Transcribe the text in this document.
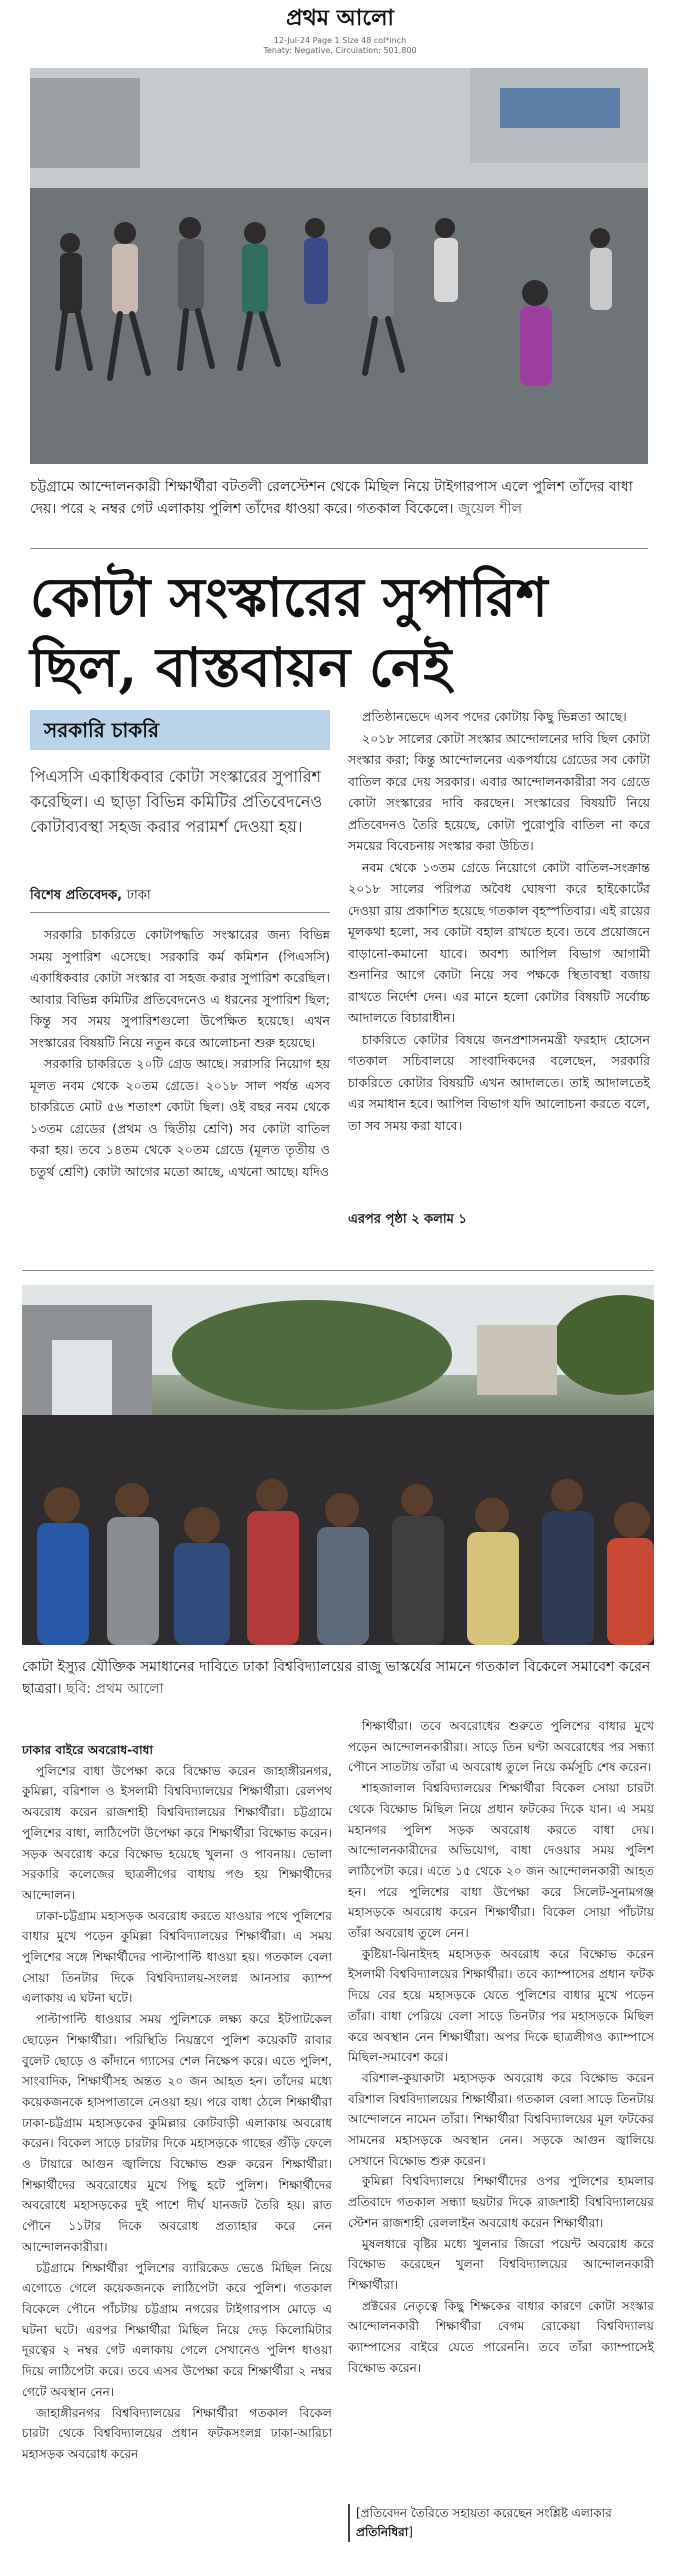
প্রথম আলো
12-Jul-24 Page 1 Size 48 col*inch
Tenaty: Negative, Circulation: 501,800
চট্টগ্রামে আন্দোলনকারী শিক্ষার্থীরা বটতলী রেলস্টেশন থেকে মিছিল নিয়ে টাইগারপাস এলে পুলিশ তাঁদের বাধা দেয়। পরে ২ নম্বর গেট এলাকায় পুলিশ তাঁদের ধাওয়া করে। গতকাল বিকেলে। জুয়েল শীল
কোটা সংস্কারের সুপারিশ ছিল, বাস্তবায়ন নেই
সরকারি চাকরি
পিএসসি একাধিকবার কোটা সংস্কারের সুপারিশ করেছিল। এ ছাড়া বিভিন্ন কমিটির প্রতিবেদনেও কোটাব্যবস্থা সহজ করার পরামর্শ দেওয়া হয়।
বিশেষ প্রতিবেদক, ঢাকা

সরকারি চাকরিতে কোটাপদ্ধতি সংস্কারের জন্য বিভিন্ন সময় সুপারিশ এসেছে। সরকারি কর্ম কমিশন (পিএসসি) একাধিকবার কোটা সংস্কার বা সহজ করার সুপারিশ করেছিল। আবার বিভিন্ন কমিটির প্রতিবেদনেও এ ধরনের সুপারিশ ছিল; কিন্তু সব সময় সুপারিশগুলো উপেক্ষিত হয়েছে। এখন সংস্কারের বিষয়টি নিয়ে নতুন করে আলোচনা শুরু হয়েছে।

সরকারি চাকরিতে ২০টি গ্রেড আছে। সরাসরি নিয়োগ হয় মূলত নবম থেকে ২০তম গ্রেডে। ২০১৮ সাল পর্যন্ত এসব চাকরিতে মোট ৫৬ শতাংশ কোটা ছিল। ওই বছর নবম থেকে ১৩তম গ্রেডের (প্রথম ও দ্বিতীয় শ্রেণি) সব কোটা বাতিল করা হয়। তবে ১৪তম থেকে ২০তম গ্রেডে (মূলত তৃতীয় ও চতুর্থ শ্রেণি) কোটা আগের মতো আছে, এখনো আছে। যদিও

প্রতিষ্ঠানভেদে এসব পদের কোটায় কিছু ভিন্নতা আছে।

২০১৮ সালের কোটা সংস্কার আন্দোলনের দাবি ছিল কোটা সংস্কার করা; কিন্তু আন্দোলনের একপর্যায়ে গ্রেডের সব কোটা বাতিল করে দেয় সরকার। এবার আন্দোলনকারীরা সব গ্রেডে কোটা সংস্কারের দাবি করছেন। সংস্কারের বিষয়টি নিয়ে প্রতিবেদনও তৈরি হয়েছে, কোটা পুরোপুরি বাতিল না করে সময়ের বিবেচনায় সংস্কার করা উচিত।

নবম থেকে ১৩তম গ্রেডে নিয়োগে কোটা বাতিল-সংক্রান্ত ২০১৮ সালের পরিপত্র অবৈধ ঘোষণা করে হাইকোর্টের দেওয়া রায় প্রকাশিত হয়েছে গতকাল বৃহস্পতিবার। এই রায়ের মূলকথা হলো, সব কোটা বহাল রাখতে হবে। তবে প্রয়োজনে বাড়ানো-কমানো যাবে। অবশ্য আপিল বিভাগ আগামী শুনানির আগে কোটা নিয়ে সব পক্ষকে স্থিতাবস্থা বজায় রাখতে নির্দেশ দেন। এর মানে হলো কোটার বিষয়টি সর্বোচ্চ আদালতে বিচারাধীন।

চাকরিতে কোটার বিষয়ে জনপ্রশাসনমন্ত্রী ফরহাদ হোসেন গতকাল সচিবালয়ে সাংবাদিকদের বলেছেন, সরকারি চাকরিতে কোটার বিষয়টি এখন আদালতে। তাই আদালতেই এর সমাধান হবে। আপিল বিভাগ যদি আলোচনা করতে বলে, তা সব সময় করা যাবে।

এরপর পৃষ্ঠা ২ কলাম ১
কোটা ইস্যুর যৌক্তিক সমাধানের দাবিতে ঢাকা বিশ্ববিদ্যালয়ের রাজু ভাস্কর্যের সামনে গতকাল বিকেলে সমাবেশ করেন ছাত্ররা। ছবি: প্রথম আলো

ঢাকার বাইরে অবরোধ-বাধা

পুলিশের বাধা উপেক্ষা করে বিক্ষোভ করেন জাহাঙ্গীরনগর, কুমিল্লা, বরিশাল ও ইসলামী বিশ্ববিদ্যালয়ের শিক্ষার্থীরা। রেলপথ অবরোধ করেন রাজশাহী বিশ্ববিদ্যালয়ের শিক্ষার্থীরা। চট্টগ্রামে পুলিশের বাধা, লাঠিপেটা উপেক্ষা করে শিক্ষার্থীরা বিক্ষোভ করেন। সড়ক অবরোধ করে বিক্ষোভ হয়েছে খুলনা ও পাবনায়। ভোলা সরকারি কলেজের ছাত্রলীগের বাধায় পণ্ড হয় শিক্ষার্থীদের আন্দোলন।

ঢাকা-চট্টগ্রাম মহাসড়ক অবরোধ করতে যাওয়ার পথে পুলিশের বাধার মুখে পড়েন কুমিল্লা বিশ্ববিদ্যালয়ের শিক্ষার্থীরা। এ সময় পুলিশের সঙ্গে শিক্ষার্থীদের পাল্টাপাল্টি ধাওয়া হয়। গতকাল বেলা সোয়া তিনটার দিকে বিশ্ববিদ্যালয়-সংলগ্ন আনসার ক্যাম্প এলাকায় এ ঘটনা ঘটে।

পাল্টাপাল্টি ধাওয়ার সময় পুলিশকে লক্ষ্য করে ইটপাটকেল ছোড়েন শিক্ষার্থীরা। পরিস্থিতি নিয়ন্ত্রণে পুলিশ কয়েকটি রাবার বুলেট ছোড়ে ও কাঁদানে গ্যাসের শেল নিক্ষেপ করে। এতে পুলিশ, সাংবাদিক, শিক্ষার্থীসহ অন্তত ২০ জন আহত হন। তাঁদের মধ্যে কয়েকজনকে হাসপাতালে নেওয়া হয়। পরে বাধা ঠেলে শিক্ষার্থীরা ঢাকা-চট্টগ্রাম মহাসড়কের কুমিল্লার কোটবাড়ী এলাকায় অবরোধ করেন। বিকেল সাড়ে চারটার দিকে মহাসড়কে গাছের গুঁড়ি ফেলে ও টায়ারে আগুন জ্বালিয়ে বিক্ষোভ শুরু করেন শিক্ষার্থীরা। শিক্ষার্থীদের অবরোধের মুখে পিছু হটে পুলিশ। শিক্ষার্থীদের অবরোধে মহাসড়কের দুই পাশে দীর্ঘ যানজট তৈরি হয়। রাত পৌনে ১১টার দিকে অবরোধ প্রত্যাহার করে নেন আন্দোলনকারীরা।

চট্টগ্রামে শিক্ষার্থীরা পুলিশের ব্যারিকেড ভেঙে মিছিল নিয়ে এগোতে গেলে কয়েকজনকে লাঠিপেটা করে পুলিশ। গতকাল বিকেলে পৌনে পাঁচটায় চট্টগ্রাম নগরের টাইগারপাস মোড়ে এ ঘটনা ঘটে। এরপর শিক্ষার্থীরা মিছিল নিয়ে দেড় কিলোমিটার দূরত্বের ২ নম্বর গেট এলাকায় গেলে সেখানেও পুলিশ ধাওয়া দিয়ে লাঠিপেটা করে। তবে এসব উপেক্ষা করে শিক্ষার্থীরা ২ নম্বর গেটে অবস্থান নেন।

জাহাঙ্গীরনগর বিশ্ববিদ্যালয়ের শিক্ষার্থীরা গতকাল বিকেল চারটা থেকে বিশ্ববিদ্যালয়ের প্রধান ফটকসংলগ্ন ঢাকা-আরিচা মহাসড়ক অবরোধ করেন

শিক্ষার্থীরা। তবে অবরোধের শুরুতে পুলিশের বাধার মুখে পড়েন আন্দোলনকারীরা। সাড়ে তিন ঘণ্টা অবরোধের পর সন্ধ্যা পৌনে সাতটায় তাঁরা এ অবরোধ তুলে নিয়ে কর্মসূচি শেষ করেন।

শাহজালাল বিশ্ববিদ্যালয়ের শিক্ষার্থীরা বিকেল সোয়া চারটা থেকে বিক্ষোভ মিছিল নিয়ে প্রধান ফটকের দিকে যান। এ সময় মহানগর পুলিশ সড়ক অবরোধ করতে বাধা দেয়। আন্দোলনকারীদের অভিযোগ, বাধা দেওয়ার সময় পুলিশ লাঠিপেটা করে। এতে ১৫ থেকে ২০ জন আন্দোলনকারী আহত হন। পরে পুলিশের বাধা উপেক্ষা করে সিলেট-সুনামগঞ্জ মহাসড়কে অবরোধ করেন শিক্ষার্থীরা। বিকেল সোয়া পাঁচটায় তাঁরা অবরোধ তুলে নেন।

কুষ্টিয়া-ঝিনাইদহ মহাসড়ক অবরোধ করে বিক্ষোভ করেন ইসলামী বিশ্ববিদ্যালয়ের শিক্ষার্থীরা। তবে ক্যাম্পাসের প্রধান ফটক দিয়ে বের হয়ে মহাসড়কে যেতে পুলিশের বাধার মুখে পড়েন তাঁরা। বাধা পেরিয়ে বেলা সাড়ে তিনটার পর মহাসড়কে মিছিল করে অবস্থান নেন শিক্ষার্থীরা। অপর দিকে ছাত্রলীগও ক্যাম্পাসে মিছিল-সমাবেশ করে।

বরিশাল-কুয়াকাটা মহাসড়ক অবরোধ করে বিক্ষোভ করেন বরিশাল বিশ্ববিদ্যালয়ের শিক্ষার্থীরা। গতকাল বেলা সাড়ে তিনটায় আন্দোলনে নামেন তাঁরা। শিক্ষার্থীরা বিশ্ববিদ্যালয়ের মূল ফটকের সামনের মহাসড়কে অবস্থান নেন। সড়কে আগুন জ্বালিয়ে সেখানে বিক্ষোভ শুরু করেন।

কুমিল্লা বিশ্ববিদ্যালয়ে শিক্ষার্থীদের ওপর পুলিশের হামলার প্রতিবাদে গতকাল সন্ধ্যা ছয়টার দিকে রাজশাহী বিশ্ববিদ্যালয়ের স্টেশন রাজশাহী রেললাইন অবরোধ করেন শিক্ষার্থীরা।

মুষলধারে বৃষ্টির মধ্যে খুলনার জিরো পয়েন্ট অবরোধ করে বিক্ষোভ করেছেন খুলনা বিশ্ববিদ্যালয়ের আন্দোলনকারী শিক্ষার্থীরা।

প্রক্টরের নেতৃত্বে কিছু শিক্ষকের বাধার কারণে কোটা সংস্কার আন্দোলনকারী শিক্ষার্থীরা বেগম রোকেয়া বিশ্ববিদ্যালয় ক্যাম্পাসের বাইরে যেতে পারেননি। তবে তাঁরা ক্যাম্পাসেই বিক্ষোভ করেন।

[প্রতিবেদন তৈরিতে সহায়তা করেছেন সংশ্লিষ্ট এলাকার প্রতিনিধিরা]
